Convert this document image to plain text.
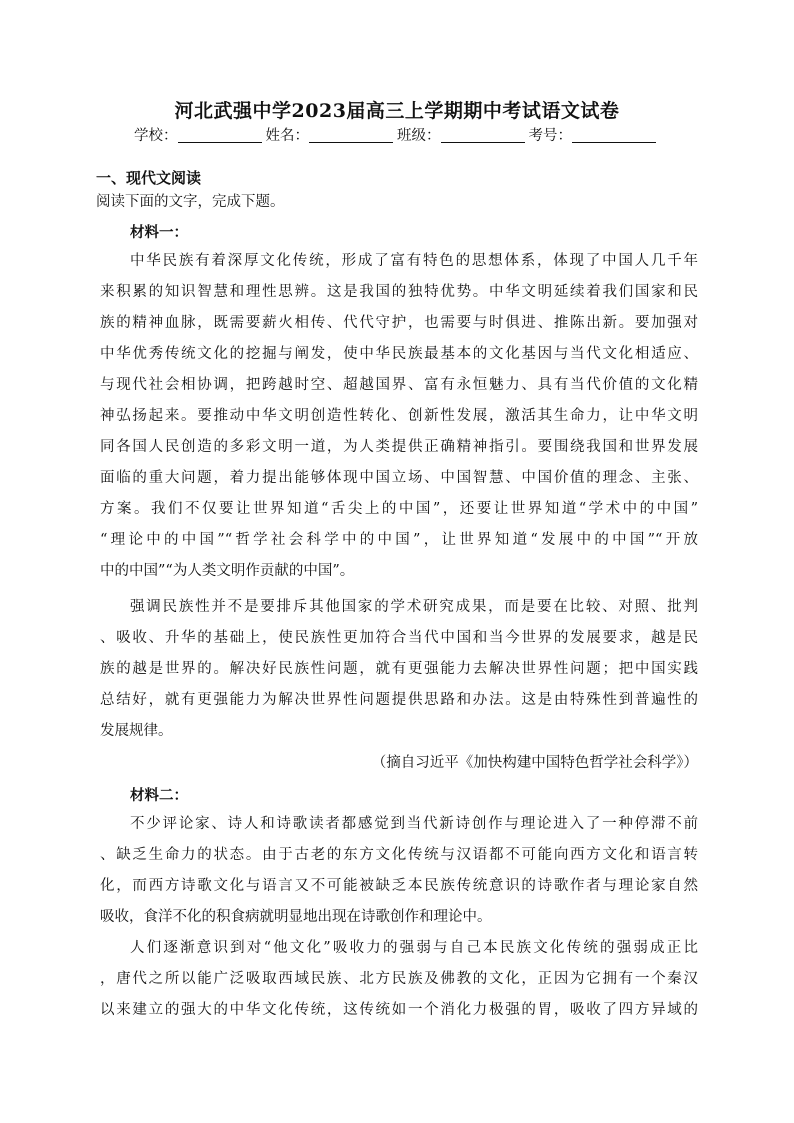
河北武强中学2023届高三上学期期中考试语文试卷
学校：	姓名：	班级：	考号：
一、现代文阅读
阅读下面的文字，完成下题。
材料一：
中华民族有着深厚文化传统，形成了富有特色的思想体系，体现了中国人几千年
来积累的知识智慧和理性思辨。这是我国的独特优势。中华文明延续着我们国家和民
族的精神血脉，既需要薪火相传、代代守护，也需要与时俱进、推陈出新。要加强对
中华优秀传统文化的挖掘与阐发，使中华民族最基本的文化基因与当代文化相适应、
与现代社会相协调，把跨越时空、超越国界、富有永恒魅力、具有当代价值的文化精
神弘扬起来。要推动中华文明创造性转化、创新性发展，激活其生命力，让中华文明
同各国人民创造的多彩文明一道，为人类提供正确精神指引。要围绕我国和世界发展
面临的重大问题，着力提出能够体现中国立场、中国智慧、中国价值的理念、主张、
方案。我们不仅要让世界知道“舌尖上的中国”，还要让世界知道“学术中的中国”
“理论中的中国”“哲学社会科学中的中国”，让世界知道“发展中的中国”“开放
中的中国”“为人类文明作贡献的中国”。
强调民族性并不是要排斥其他国家的学术研究成果，而是要在比较、对照、批判
、吸收、升华的基础上，使民族性更加符合当代中国和当今世界的发展要求，越是民
族的越是世界的。解决好民族性问题，就有更强能力去解决世界性问题；把中国实践
总结好，就有更强能力为解决世界性问题提供思路和办法。这是由特殊性到普遍性的
发展规律。
（摘自习近平《加快构建中国特色哲学社会科学》）
材料二：
不少评论家、诗人和诗歌读者都感觉到当代新诗创作与理论进入了一种停滞不前
、缺乏生命力的状态。由于古老的东方文化传统与汉语都不可能向西方文化和语言转
化，而西方诗歌文化与语言又不可能被缺乏本民族传统意识的诗歌作者与理论家自然
吸收，食洋不化的积食病就明显地出现在诗歌创作和理论中。
人们逐渐意识到对“他文化”吸收力的强弱与自己本民族文化传统的强弱成正比
，唐代之所以能广泛吸取西域民族、北方民族及佛教的文化，正因为它拥有一个秦汉
以来建立的强大的中华文化传统，这传统如一个消化力极强的胃，吸收了四方异域的
